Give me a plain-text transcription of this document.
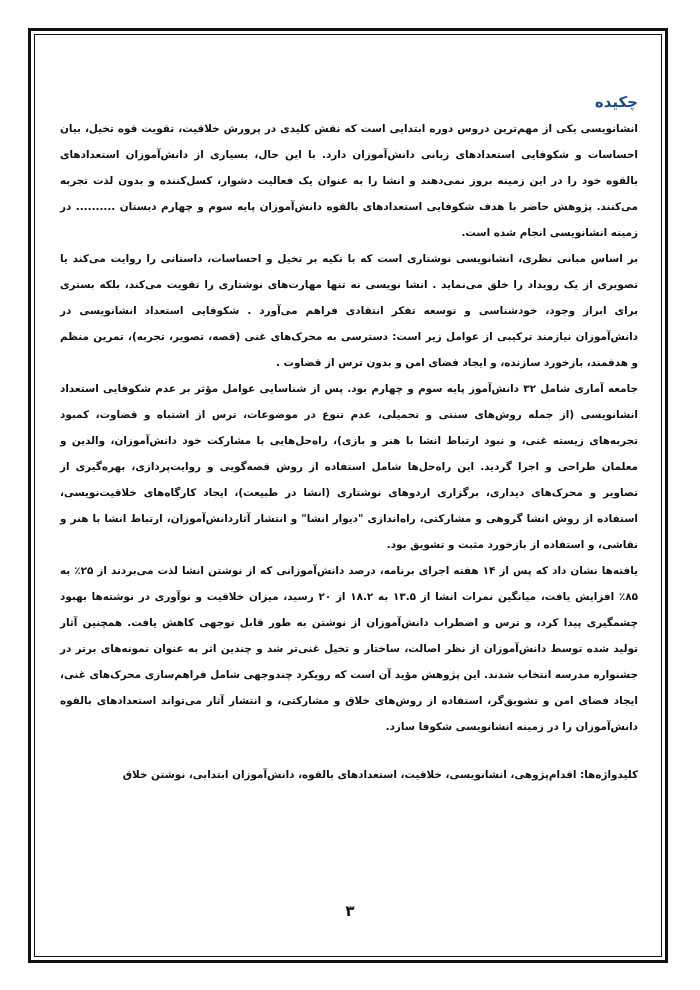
چکیده

انشانویسی یکی از مهم‌ترین دروس دوره ابتدایی است که نقش کلیدی در پرورش خلاقیت، تقویت قوه تخیل، بیان احساسات و شکوفایی استعدادهای زبانی دانش‌آموزان دارد. با این حال، بسیاری از دانش‌آموزان استعدادهای بالقوه خود را در این زمینه بروز نمی‌دهند و انشا را به عنوان یک فعالیت دشوار، کسل‌کننده و بدون لذت تجربه می‌کنند. پژوهش حاضر با هدف شکوفایی استعدادهای بالقوه دانش‌آموزان پایه سوم و چهارم دبستان .......... در زمینه انشانویسی انجام شده است.

بر اساس مبانی نظری، انشانویسی نوشتاری است که با تکیه بر تخیل و احساسات، داستانی را روایت می‌کند یا تصویری از یک رویداد را خلق می‌نماید . انشا نویسی نه تنها مهارت‌های نوشتاری را تقویت می‌کند، بلکه بستری برای ابراز وجود، خودشناسی و توسعه تفکر انتقادی فراهم می‌آورد . شکوفایی استعداد انشانویسی در دانش‌آموزان نیازمند ترکیبی از عوامل زیر است: دسترسی به محرک‌های غنی (قصه، تصویر، تجربه)، تمرین منظم و هدفمند، بازخورد سازنده، و ایجاد فضای امن و بدون ترس از قضاوت .

جامعه آماری شامل ۳۲ دانش‌آموز پایه سوم و چهارم بود. پس از شناسایی عوامل مؤثر بر عدم شکوفایی استعداد انشانویسی (از جمله روش‌های سنتی و تحمیلی، عدم تنوع در موضوعات، ترس از اشتباه و قضاوت، کمبود تجربه‌های زیسته غنی، و نبود ارتباط انشا با هنر و بازی)، راه‌حل‌هایی با مشارکت خود دانش‌آموزان، والدین و معلمان طراحی و اجرا گردید. این راه‌حل‌ها شامل استفاده از روش قصه‌گویی و روایت‌پردازی، بهره‌گیری از تصاویر و محرک‌های دیداری، برگزاری اردوهای نوشتاری (انشا در طبیعت)، ایجاد کارگاه‌های خلاقیت‌نویسی، استفاده از روش انشا گروهی و مشارکتی، راه‌اندازی "دیوار انشا" و انتشار آثاردانش‌آموزان، ارتباط انشا با هنر و نقاشی، و استفاده از بازخورد مثبت و تشویق بود.

یافته‌ها نشان داد که پس از ۱۴ هفته اجرای برنامه، درصد دانش‌آموزانی که از نوشتن انشا لذت می‌بردند از ۲۵٪ به ۸۵٪ افزایش یافت، میانگین نمرات انشا از ۱۳.۵ به ۱۸.۲ از ۲۰ رسید، میزان خلاقیت و نوآوری در نوشته‌ها بهبود چشمگیری پیدا کرد، و ترس و اضطراب دانش‌آموزان از نوشتن به طور قابل توجهی کاهش یافت. همچنین آثار تولید شده توسط دانش‌آموزان از نظر اصالت، ساختار و تخیل غنی‌تر شد و چندین اثر به عنوان نمونه‌های برتر در جشنواره مدرسه انتخاب شدند. این پژوهش مؤید آن است که رویکرد چندوجهی شامل فراهم‌سازی محرک‌های غنی، ایجاد فضای امن و تشویق‌گر، استفاده از روش‌های خلاق و مشارکتی، و انتشار آثار می‌تواند استعدادهای بالقوه دانش‌آموزان را در زمینه انشانویسی شکوفا سازد.

کلیدواژه‌ها: اقدام‌پژوهی، انشانویسی، خلاقیت، استعدادهای بالقوه، دانش‌آموزان ابتدایی، نوشتن خلاق
۳
